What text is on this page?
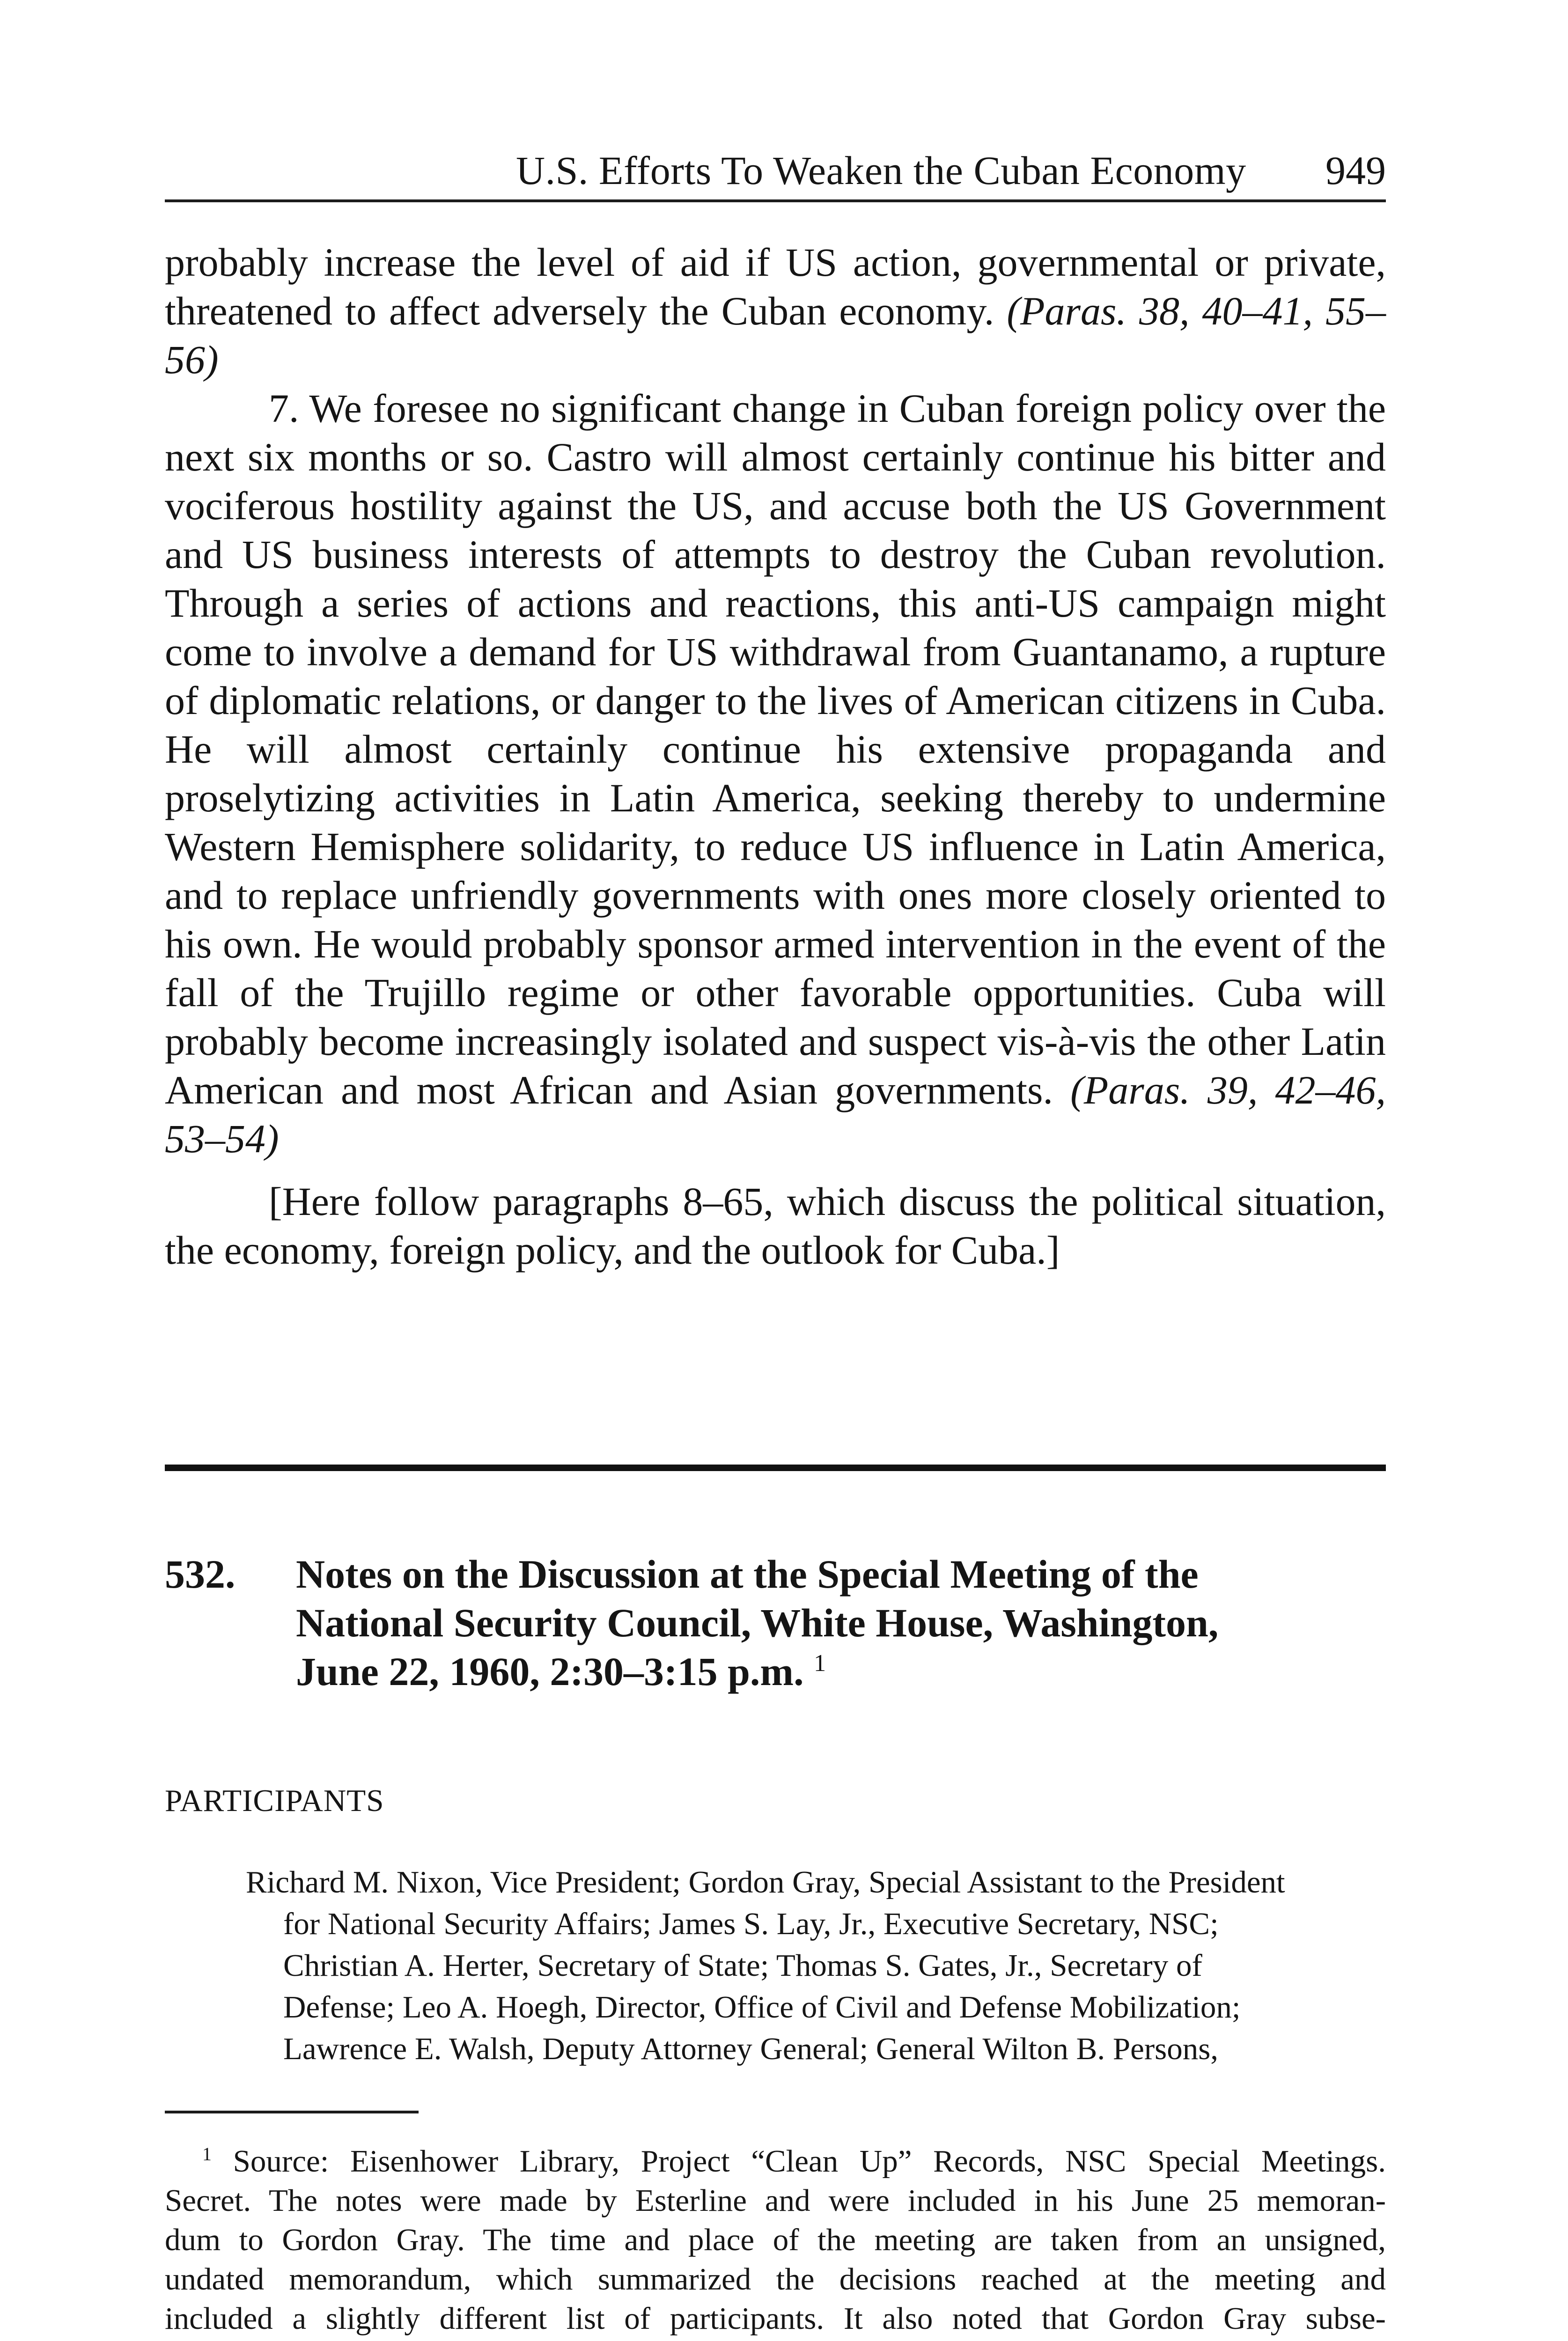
U.S. Efforts To Weaken the Cuban Economy 949

probably increase the level of aid if US action, governmental or private, threatened to affect adversely the Cuban economy. (Paras. 38, 40–41, 55–56)

7. We foresee no significant change in Cuban foreign policy over the next six months or so. Castro will almost certainly continue his bitter and vociferous hostility against the US, and accuse both the US Government and US business interests of attempts to destroy the Cuban revolution. Through a series of actions and reactions, this anti-US campaign might come to involve a demand for US withdrawal from Guantanamo, a rupture of diplomatic relations, or danger to the lives of American citizens in Cuba. He will almost certainly continue his extensive propaganda and proselytizing activities in Latin America, seeking thereby to undermine Western Hemisphere solidarity, to reduce US influence in Latin America, and to replace unfriendly governments with ones more closely oriented to his own. He would probably sponsor armed intervention in the event of the fall of the Trujillo regime or other favorable opportunities. Cuba will probably become increasingly isolated and suspect vis-à-vis the other Latin American and most African and Asian governments. (Paras. 39, 42–46, 53–54)

[Here follow paragraphs 8–65, which discuss the political situation, the economy, foreign policy, and the outlook for Cuba.]

532. Notes on the Discussion at the Special Meeting of the
National Security Council, White House, Washington,
June 22, 1960, 2:30–3:15 p.m. $^1$
PARTICIPANTS
Richard M. Nixon, Vice President; Gordon Gray, Special Assistant to the President
for National Security Affairs; James S. Lay, Jr., Executive Secretary, NSC;
Christian A. Herter, Secretary of State; Thomas S. Gates, Jr., Secretary of
Defense; Leo A. Hoegh, Director, Office of Civil and Defense Mobilization;
Lawrence E. Walsh, Deputy Attorney General; General Wilton B. Persons,
$^1$ Source: Eisenhower Library, Project “Clean Up” Records, NSC Special Meetings.
Secret. The notes were made by Esterline and were included in his June 25 memoran-
dum to Gordon Gray. The time and place of the meeting are taken from an unsigned,
undated memorandum, which summarized the decisions reached at the meeting and
included a slightly different list of participants. It also noted that Gordon Gray subse-
